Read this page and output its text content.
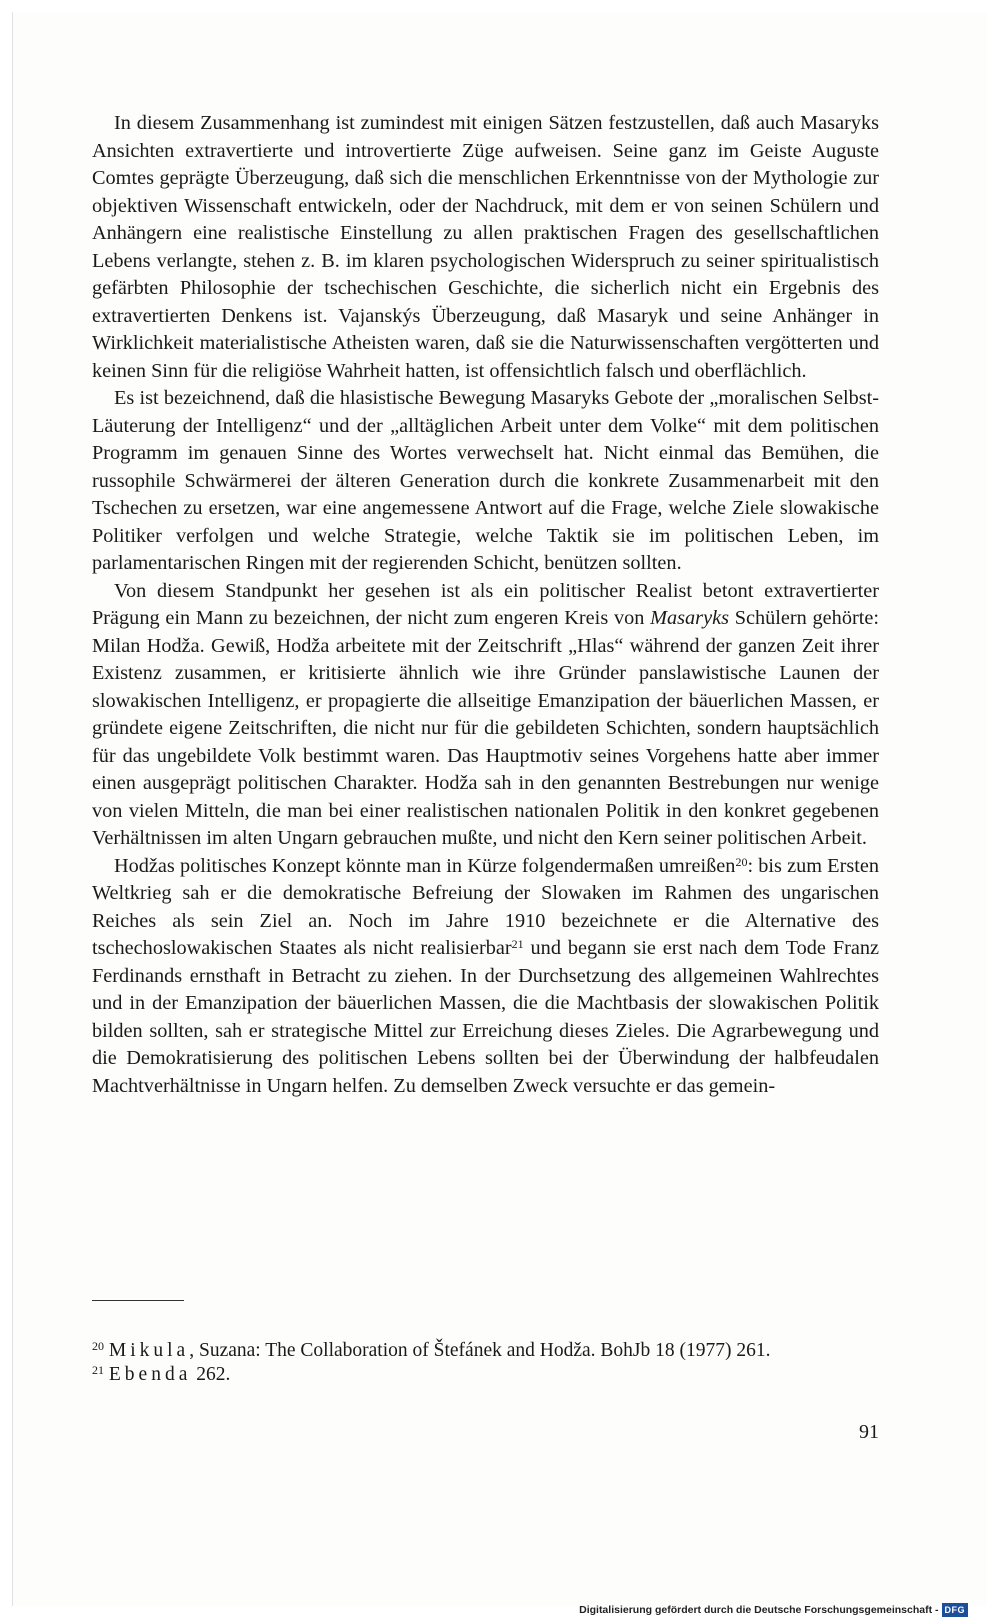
In diesem Zusammenhang ist zumindest mit einigen Sätzen festzustellen, daß auch Masaryks Ansichten extravertierte und introvertierte Züge aufweisen. Seine ganz im Geiste Auguste Comtes geprägte Überzeugung, daß sich die menschlichen Erkenntnisse von der Mythologie zur objektiven Wissenschaft entwickeln, oder der Nachdruck, mit dem er von seinen Schülern und Anhängern eine realistische Einstellung zu allen praktischen Fragen des gesellschaftlichen Lebens verlangte, stehen z. B. im klaren psychologischen Widerspruch zu seiner spiritualistisch gefärbten Philosophie der tschechischen Geschichte, die sicherlich nicht ein Ergebnis des extravertierten Denkens ist. Vajanskýs Überzeugung, daß Masaryk und seine Anhänger in Wirklichkeit materialistische Atheisten waren, daß sie die Naturwissenschaften vergötterten und keinen Sinn für die religiöse Wahrheit hatten, ist offensichtlich falsch und oberflächlich.

Es ist bezeichnend, daß die hlasistische Bewegung Masaryks Gebote der „moralischen Selbst-Läuterung der Intelligenz“ und der „alltäglichen Arbeit unter dem Volke“ mit dem politischen Programm im genauen Sinne des Wortes verwechselt hat. Nicht einmal das Bemühen, die russophile Schwärmerei der älteren Generation durch die konkrete Zusammenarbeit mit den Tschechen zu ersetzen, war eine angemessene Antwort auf die Frage, welche Ziele slowakische Politiker verfolgen und welche Strategie, welche Taktik sie im politischen Leben, im parlamentarischen Ringen mit der regierenden Schicht, benützen sollten.

Von diesem Standpunkt her gesehen ist als ein politischer Realist betont extravertierter Prägung ein Mann zu bezeichnen, der nicht zum engeren Kreis von Masaryks Schülern gehörte: Milan Hodža. Gewiß, Hodža arbeitete mit der Zeitschrift „Hlas“ während der ganzen Zeit ihrer Existenz zusammen, er kritisierte ähnlich wie ihre Gründer panslawistische Launen der slowakischen Intelligenz, er propagierte die allseitige Emanzipation der bäuerlichen Massen, er gründete eigene Zeitschriften, die nicht nur für die gebildeten Schichten, sondern hauptsächlich für das ungebildete Volk bestimmt waren. Das Hauptmotiv seines Vorgehens hatte aber immer einen ausgeprägt politischen Charakter. Hodža sah in den genannten Bestrebungen nur wenige von vielen Mitteln, die man bei einer realistischen nationalen Politik in den konkret gegebenen Verhältnissen im alten Ungarn gebrauchen mußte, und nicht den Kern seiner politischen Arbeit.

Hodžas politisches Konzept könnte man in Kürze folgendermaßen umreißen$^{20}$: bis zum Ersten Weltkrieg sah er die demokratische Befreiung der Slowaken im Rahmen des ungarischen Reiches als sein Ziel an. Noch im Jahre 1910 bezeichnete er die Alternative des tschechoslowakischen Staates als nicht realisierbar$^{21}$ und begann sie erst nach dem Tode Franz Ferdinands ernsthaft in Betracht zu ziehen. In der Durchsetzung des allgemeinen Wahlrechtes und in der Emanzipation der bäuerlichen Massen, die die Machtbasis der slowakischen Politik bilden sollten, sah er strategische Mittel zur Erreichung dieses Zieles. Die Agrarbewegung und die Demokratisierung des politischen Lebens sollten bei der Überwindung der halbfeudalen Machtverhältnisse in Ungarn helfen. Zu demselben Zweck versuchte er das gemein-

$^{20}$ Mikula, Suzana: The Collaboration of Štefánek and Hodža. BohJb 18 (1977) 261.

$^{21}$ Ebenda 262.

91
Digitalisierung gefördert durch die Deutsche Forschungsgemeinschaft - DFG
